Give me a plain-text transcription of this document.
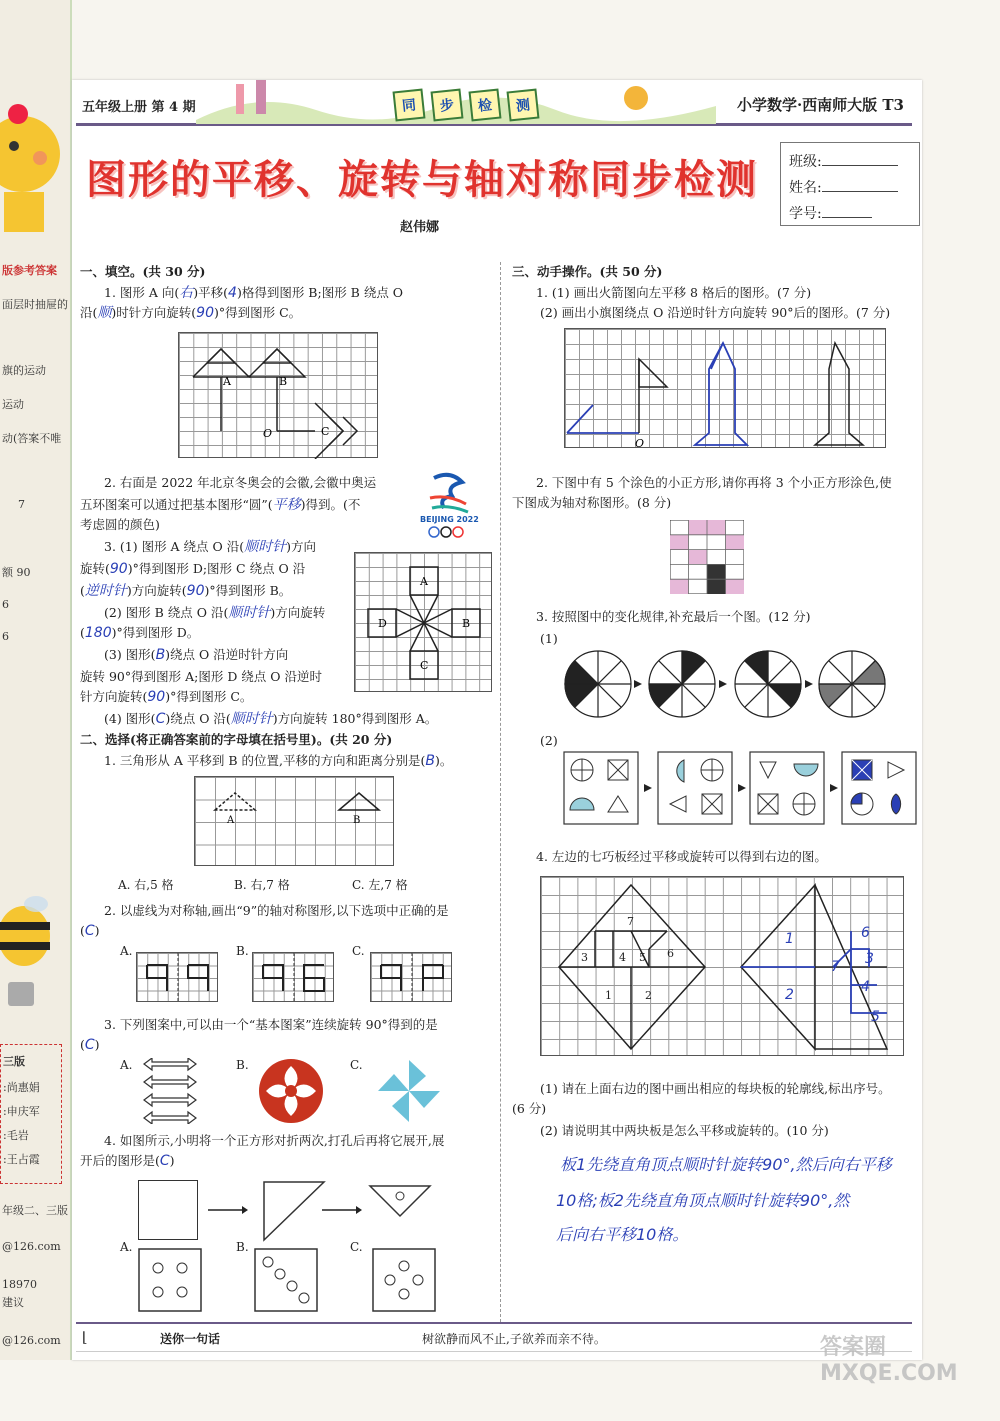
版参考答案
面层时抽屉的
旗的运动
运动
动(答案不唯
7
额 90
6
6
三版
:尚惠娟
:申庆军
:毛岩
:王占霞
年级二、三版
@126.com
18970
建议
@126.com
五年级上册 第 4 期	同	步	检	测	小学数学·西南师大版 T3
图形的平移、旋转与轴对称同步检测 班级:
姓名:
学号:
赵伟娜
一、填空。(共 30 分)
1. 图形 A 向(右)平移(4)格得到图形 B;图形 B 绕点 O
沿(顺)时针方向旋转(90)°得到图形 C。
A	B
C
O
2. 右面是 2022 年北京冬奥会的会徽,会徽中奥运
五环图案可以通过把基本图形“圆”(平移)得到。(不
考虑圆的颜色)	BEIJING 2022
3. (1) 图形 A 绕点 O 沿(顺时针)方向
旋转(90)°得到图形 D;图形 C 绕点 O 沿
(逆时针)方向旋转(90)°得到图形 B。
(2) 图形 B 绕点 O 沿(顺时针)方向旋转
(180)°得到图形 D。
(3) 图形(B)绕点 O 沿逆时针方向
旋转 90°得到图形 A;图形 D 绕点 O 沿逆时
针方向旋转(90)°得到图形 C。
(4) 图形(C)绕点 O 沿(顺时针)方向旋转 180°得到图形 A。
A
B
C
D
二、选择(将正确答案前的字母填在括号里)。(共 20 分)
1. 三角形从 A 平移到 B 的位置,平移的方向和距离分别是(B)。
A	B
A. 右,5 格	B. 右,7 格	C. 左,7 格
2. 以虚线为对称轴,画出“9”的轴对称图形,以下选项中正确的是
(C)
A.	B.	C.
3. 下列图案中,可以由一个“基本图案”连续旋转 90°得到的是
(C)
A.	B.	C.
4. 如图所示,小明将一个正方形对折两次,打孔后再将它展开,展
开后的图形是(C)
A.	B.	C.
三、动手操作。(共 50 分)
1. (1) 画出火箭图向左平移 8 格后的图形。(7 分)
(2) 画出小旗图绕点 O 沿逆时针方向旋转 90°后的图形。(7 分)
O
2. 下图中有 5 个涂色的小正方形,请你再将 3 个小正方形涂色,使
下图成为轴对称图形。(8 分)
3. 按照图中的变化规律,补充最后一个图。(12 分)
(1)
(2)
4. 左边的七巧板经过平移或旋转可以得到右边的图。
7
3	4 5 6
1	2
1
2
6
3
7
4
5
(1) 请在上面右边的图中画出相应的每块板的轮廓线,标出序号。
(6 分)
(2) 请说明其中两块板是怎么平移或旋转的。(10 分)
板1先绕直角顶点顺时针旋转90°,然后向右平移
10格;板2先绕直角顶点顺时针旋转90°,然
后向右平移10格。
⌊	送你一句话	树欲静而风不止,子欲养而亲不待。	答案圈 MXQE.COM
